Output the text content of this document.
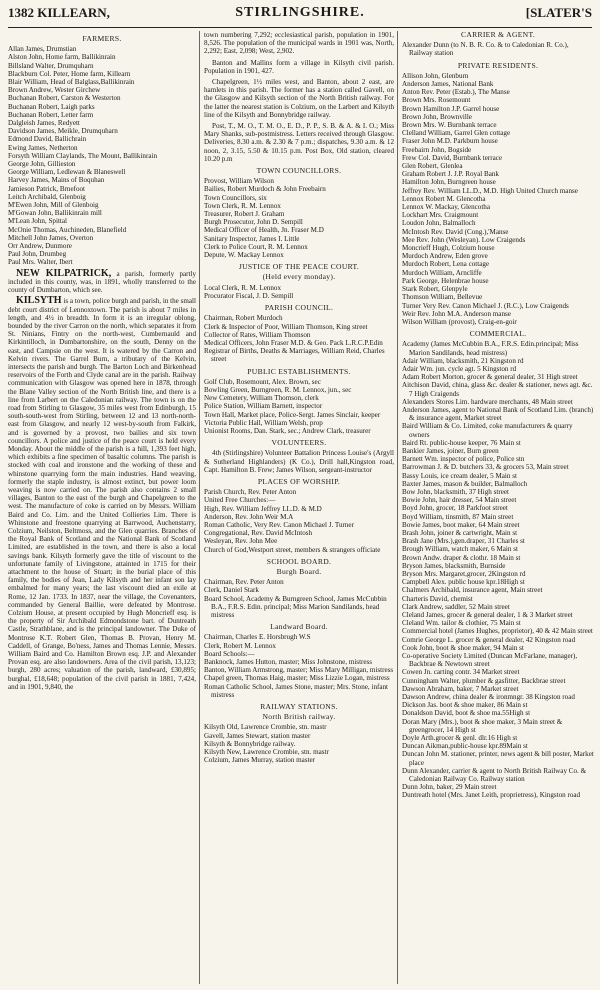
1382 KILLEARN,	STIRLINGSHIRE.	[SLATER'S
FARMERS.
Allan James, Drumstian
Alston John, Home farm, Ballikinrain
Billsland Walter, Drumquharn
Blackburn Col. Peter, Home farm, Killearn
Blair William, Head of Balglass,Ballikinrain
Brown Andrew, Wester Girchew
Buchanan Robert, Carston & Westerton
Buchanan Robert, Laigh parks
Buchanan Robert, Letter farm
Dalgleish James, Redyett
Davidson James, Meikle, Drumquharn
Edmond David, Ballichrain
Ewing James, Netherton
Forsyth William Claylands, The Mount, Ballikinrain
George John, Gillieston
George William, Ledlewan & Blaneswell
Harvey James, Mains of Boquhan
Jamieson Patrick, Brnefoot
Leitch Archibald, Glenboig
M'Ewen John, Mill of Glenboig
M'Gowan John, Ballikinrain mill
M'Lean John, Spittal
McOnie Thomas, Auchineden, Blanefield
Mitchell John James, Overton
Orr Andrew, Dunmore
Paul John, Drumbeg
Paul Mrs. Walter, Ibert
NEW KILPATRICK, a parish, formerly partly included in this county, was, in 1891, wholly transferred to the county of Dumbarton, which see.
KILSYTH is a town, police burgh and parish, in the small debt court district of Lennoxtown. The parish is about 7 miles in length, and 4½ in breadth. In form it is an irregular oblong, bounded by the river Carron on the north, which separates it from St. Ninians, Fintry on the north-west, Cumbernauld and Kirkintilloch, in Dumbartonshire, on the south, Denny on the east, and Campsie on the west. It is watered by the Carron and Kelvin rivers. The Garrel Burn, a tributary of the Kelvin, intersects the parish and burgh. The Barton Loch and Birkenhead reservoirs of the Forth and Clyde canal are in the parish. Railway communication with Glasgow was opened here in 1878, through the Blane Valley section of the North British line, and there is a line from Larbert on the Caledonian railway. The town is on the road from Stirling to Glasgow, 35 miles west from Edinburgh, 15 south-south-west from Stirling, between 12 and 13 north-north-east from Glasgow, and nearly 12 west-by-south from Falkirk, and is governed by a provost, two bailies and six town councillors. A police and justice of the peace court is held every Monday. About the middle of the parish is a hill, 1,393 feet high, which exhibits a fine specimen of basaltic columns. The parish is stocked with coal and ironstone and the working of these and whinstone quarrying form the main industries. Hand weaving, formerly the staple industry, is almost extinct, but power loom weaving is now carried on. The parish also contains 2 small villages, Banton to the east of the burgh and Chapelgreen to the west. The manufacture of coke is carried on by Messrs. William Baird and Co. Lim. and the United Collieries Lim. There is Whinstone and freestone quarrying at Barrwood, Auchenstarry, Colzium, Neilston, Beltmoss, and the Glen quarries. Branches of the Royal Bank of Scotland and the National Bank of Scotland Limited, are established in the town, and there is also a local savings bank. Kilsyth formerly gave the title of viscount to the unfortunate family of Livingstone, attainted in 1715 for their attachment to the house of Stuart; in the burial place of this family, the bodies of Jean, Lady Kilsyth and her infant son lay embalmed for many years; the last viscount died an exile at Rome, 12 Jan. 1733. In 1837, near the village, the Covenanters, commanded by General Baillie, were defeated by Montrose. Colzium House, at present occupied by Hugh Moncrieff esq. is the property of Sir Archibald Edmondstone bart. of Duntreath Castle, Strathblane, and is the principal landowner. The Duke of Montrose K.T. Robert Glen, Thomas B. Provan, Henry M. Caddell, of Grange, Bo'ness, James and Thomas Lennie, Messrs. William Baird and Co. Hamilton Brown esq. J.P. and Alexander Provan esq. are also landowners. Area of the civil parish, 13,123; burgh, 280 acres; valuation of the parish, landward, £30,895; burghal, £18,648; population of the civil parish in 1881, 7,424, and in 1901, 9,840, the
town numbering 7,292; ecclesiastical parish, population in 1901, 8,526. The population of the municipal wards in 1901 was, North, 2,292; East, 2,098; West, 2,902.
Banton and Mallins form a village in Kilsyth civil parish. Population in 1901, 427.
Chapelgreen, 1½ miles west, and Banton, about 2 east, are hamlets in this parish. The former has a station called Gavell, on the Glasgow and Kilsyth section of the North British railway. For the latter the nearest station is Colzium, on the Larbert and Kilsyth line of the Kilsyth and Bonnybridge railway.
Post, T., M. O., T. M. O., E. D., P. P., S. B. & A. & I. O.; Miss Mary Shanks, sub-postmistress. Letters received through Glasgow. Deliveries, 8.30 a.m. & 2.30 & 7 p.m.; dispatches, 9.30 a.m. & 12 noon, 2, 3.15, 5.50 & 10.15 p.m. Post Box, Old station, cleared 10.20 p.m
TOWN COUNCILLORS.
Provost, William Wilson
Bailies, Robert Murdoch & John Freebairn
Town Councillors, six
Town Clerk, R. M. Lennox
Treasurer, Robert J. Graham
Burgh Prosecutor, John D. Sempill
Medical Officer of Health, Jn. Fraser M.D
Sanitary Inspector, James I. Little
Clerk to Police Court, R. M. Lennox
Depute, W. Mackay Lennox
JUSTICE OF THE PEACE COURT.
(Held every monday).
Local Clerk, R. M. Lennox
Procurator Fiscal, J. D. Sempill
PARISH COUNCIL.
Chairman, Robert Murdoch
Clerk & Inspector of Poor, William Thomson, King street
Collector of Rates, William Thomson
Medical Officers, John Fraser M.D. & Geo. Pack L.R.C.P.Edin
Registrar of Births, Deaths & Marriages, William Reid, Charles street
PUBLIC ESTABLISHMENTS.
Golf Club, Rosemount, Alex. Brown, sec
Bowling Green, Burngreen, R. M. Lennox, jun., sec
New Cemetery, William Thomson, clerk
Police Station, William Barnett, inspector
Town Hall, Market place, Police-Sergt. James Sinclair, keeper
Victoria Public Hall, William Welsh, prop
Unionist Rooms, Dan. Stark, sec.; Andrew Clark, treasurer
VOLUNTEERS.
4th (Stirlingshire) Volunteer Battalion Princess Louise's (Argyll & Sutherland Highlanders) (K Co.), Drill hall,Kingston road, Capt. Hamilton B. Frew; James Wilson, sergeant-instructor
PLACES OF WORSHIP.
Parish Church, Rev. Peter Anton
United Free Churches:—
High, Rev. William Jeffrey LL.D. & M.D
Anderson, Rev. John Weir M.A
Roman Catholic, Very Rev. Canon Michael J. Turner
Congregational, Rev. David McIntosh
Wesleyan, Rev. John Mee
Church of God,Westport street, members & strangers officiate
SCHOOL BOARD.
Burgh Board.
Chairman, Rev. Peter Anton
Clerk, Daniel Stark
Board School, Academy & Burngreen School, James McCubbin B.A., F.R.S. Edin. principal; Miss Marion Sandilands, head mistress
Landward Board.
Chairman, Charles E. Horsbrugh W.S
Clerk, Robert M. Lennox
Board Schools:—
Banknock, James Hutton, master; Miss Johnstone, mistress
Banton, William Armstrong, master; Miss Mary Milligan, mistress
Chapel green, Thomas Haig, master; Miss Lizzie Logan, mistress
Roman Catholic School, James Stone, master; Mrs. Stone, infant mistress
RAILWAY STATIONS.
North British railway.
Kilsyth Old, Lawrence Crombie, stn. mastr
Gavell, James Stewart, station master
Kilsyth & Bonnybridge railway.
Kilsyth New, Lawrence Crombie, stn. mastr
Colzium, James Murray, station master
CARRIER & AGENT.
Alexander Dunn (to N. B. R. Co. & to Caledonian R. Co.), Railway station
PRIVATE RESIDENTS.
Allison John, Glenburn
Anderson James, National Bank
Anton Rev. Peter (Estab.), The Manse
Brown Mrs. Rosemount
Brown Hamilton J.P. Garrel house
Brown John, Brownville
Brown Mrs. W. Burnbank terrace
Clelland William, Garrel Glen cottage
Fraser John M.D. Parkburn house
Freebairn John, Bogside
Frew Col. David, Burnbank terrace
Glen Robert, Glenlea
Graham Robert J. J.P. Royal Bank
Hamilton John, Burngreen house
Jeffrey Rev. William LL.D., M.D. High United Church manse
Lennox Robert M. Glencotha
Lennox W. Mackay, Glencotha
Lockhart Mrs. Craigmount
Loudon John, Balmalloch
McIntosh Rev. David (Cong.),'Manse
Mee Rev. John (Wesleyan). Low Craigends
Moncrieff Hugh, Colzium house
Murdoch Andrew, Eden grove
Murdoch Robert, Lena cottage
Murdoch William, Arncliffe
Park George, Helenbrae house
Stark Robert, Glenpyle
Thomson William, Bellevue
Turner Very Rev. Canon Michael J. (R.C.), Low Craigends
Weir Rev. John M.A. Anderson manse
Wilson William (provost), Craig-en-goir
COMMERCIAL.
Academy (James McCubbin B.A., F.R.S. Edin.principal; Miss Marion Sandilands, head mistress)
Adair William, blacksmith, 21 Kingston rd
Adair Wm. jun. cycle agt. 5 Kingston rd
Adam Robert Morton, grocer & general dealer, 31 High street
Aitchison David, china, glass &c. dealer & stationer, news agt. &c. 7 High Craigends
Alexanders Stores Lim. hardware merchants, 48 Main street
Anderson James, agent to National Bank of Scotland Lim. (branch) & insurance agent, Market street
Baird William & Co. Limited, coke manufacturers & quarry owners
Baird Rt. public-house keeper, 76 Main st
Bankier James, joiner, Burn green
Barnett Wm. inspector of police, Police stn
Barrowman J. & D. butchers 33, & grocers 53, Main street
Bassy Louis, ice cream dealer, 5 Main st
Baxter James, mason & builder, Balmalloch
Bow John, blacksmith, 37 High street
Bowie John, hair dresser, 54 Main street
Boyd John, grocer, 18 Parkfoot street
Boyd William, tinsmith, 87 Main street
Bowie James, boot maker, 64 Main street
Brash John, joiner & cartwright, Main st
Brash Jane (Mrs.),gen.draper, 31 Charles st
Brough William, watch maker, 6 Main st
Brown Andw. draper & clothr. 18 Main st
Bryson James, blacksmith, Burnside
Bryson Mrs. Margaret,grocer, 2Kingston rd
Campbell Alex. public house kpr.18High st
Chalmers Archibald, insurance agent, Main street
Charteris David, chemist
Clark Andrew, saddler, 52 Main street
Cleland James, grocer & general dealer, 1 & 3 Market street
Cleland Wm. tailor & clothier, 75 Main st
Commercial hotel (James Hughes, proprietor), 40 & 42 Main street
Comrie George L. grocer & general dealer, 42 Kingston road
Cook John, boot & shoe maker, 94 Main st
Co-operative Society Limited (Duncan McFarlane, manager), Backbrae & Newtown street
Cowen Jn. carting contr. 34 Market street
Cunningham Walter, plumber & gasfitter, Backbrae street
Dawson Abraham, baker, 7 Market street
Dawson Andrew, china dealer & ironmngr. 38 Kingston road
Dickson Jas. boot & shoe maker, 86 Main st
Donaldson David, boot & shoe ma.55High st
Doran Mary (Mrs.), boot & shoe maker, 3 Main street & greengrocer, 14 High st
Doyle Arth.grocer & genl. dlr.16 High st
Duncan Aikman,public-house kpr.89Main st
Duncan John M. stationer, printer, news agent & bill poster, Market place
Dunn Alexander, carrier & agent to North British Railway Co. & Caledonian Railway Co. Railway station
Dunn John, baker, 29 Main street
Duntreath hotel (Mrs. Janet Leith, proprietress), Kingston road
